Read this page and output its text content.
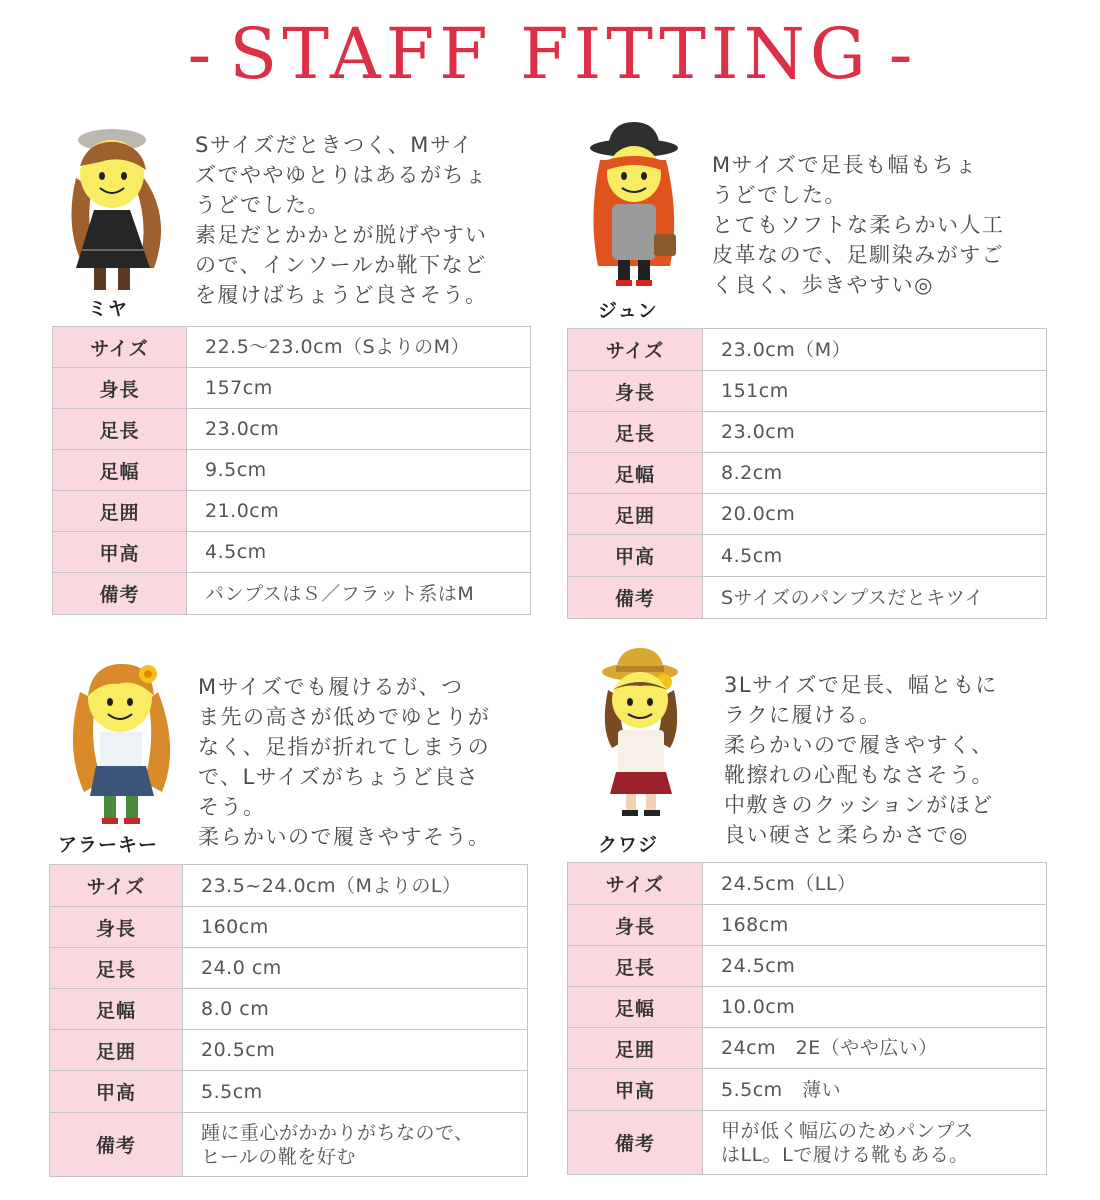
- STAFF FITTING -
ミヤ
Sサイズだときつく、Mサイ
ズでややゆとりはあるがちょ
うどでした。
素足だとかかとが脱げやすい
ので、インソールか靴下など
を履けばちょうど良さそう。
サイズ	22.5～23.0cm（SよりのM）

身長	157cm

足長	23.0cm

足幅	9.5cm

足囲	21.0cm

甲高	4.5cm

備考	パンプスはＳ／フラット系はM
ジュン
Mサイズで足長も幅もちょ
うどでした。
とてもソフトな柔らかい人工
皮革なので、足馴染みがすご
く良く、歩きやすい◎
サイズ	23.0cm（M）

身長	151cm

足長	23.0cm

足幅	8.2cm

足囲	20.0cm

甲高	4.5cm

備考	Sサイズのパンプスだとキツイ
アラーキー
Mサイズでも履けるが、つ
ま先の高さが低めでゆとりが
なく、足指が折れてしまうの
で、Lサイズがちょうど良さ
そう。
柔らかいので履きやすそう。
サイズ	23.5~24.0cm（MよりのL）

身長	160cm

足長	24.0 cm

足幅	8.0 cm

足囲	20.5cm

甲高	5.5cm

備考	踵に重心がかかりがちなので、
ヒールの靴を好む
クワジ
3Lサイズで足長、幅ともに
ラクに履ける。
柔らかいので履きやすく、
靴擦れの心配もなさそう。
中敷きのクッションがほど
良い硬さと柔らかさで◎
サイズ	24.5cm（LL）

身長	168cm

足長	24.5cm

足幅	10.0cm

足囲	24cm　2E（やや広い）

甲高	5.5cm　薄い

備考	甲が低く幅広のためパンプス
はLL。Lで履ける靴もある。
